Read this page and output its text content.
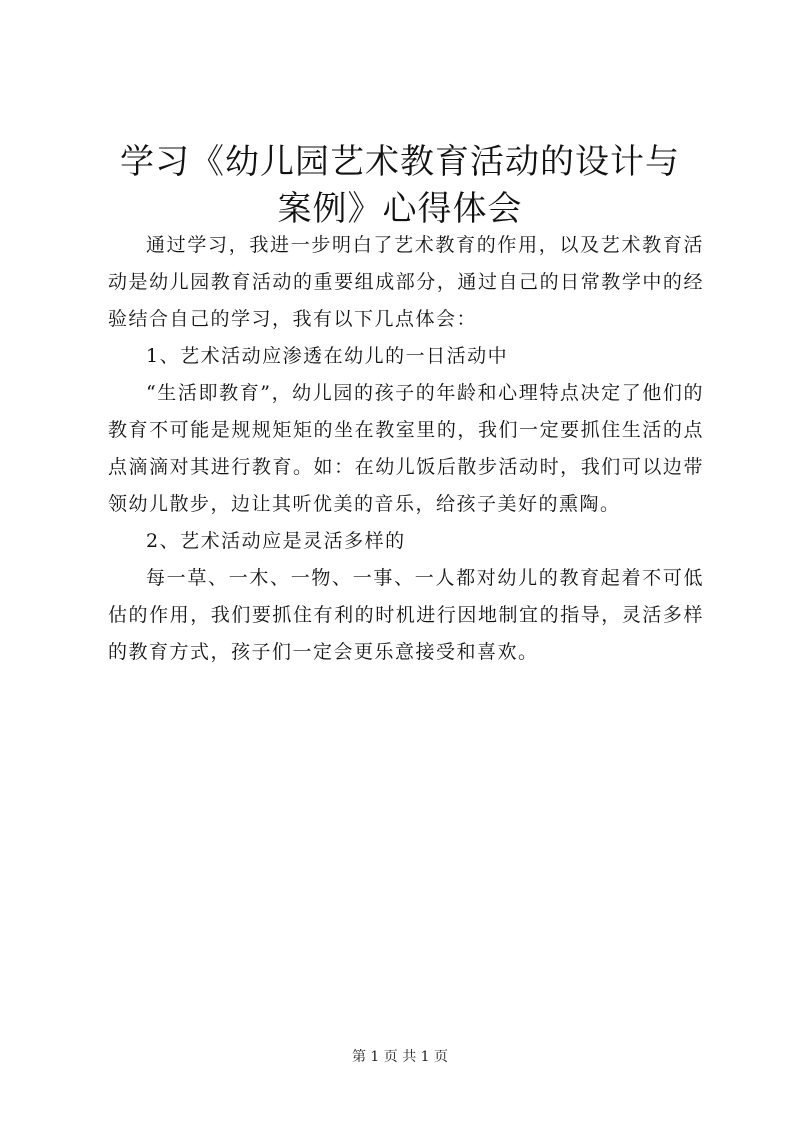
学习《幼儿园艺术教育活动的设计与案例》心得体会

通过学习，我进一步明白了艺术教育的作用，以及艺术教育活动是幼儿园教育活动的重要组成部分，通过自己的日常教学中的经验结合自己的学习，我有以下几点体会：

1、艺术活动应渗透在幼儿的一日活动中

“生活即教育”，幼儿园的孩子的年龄和心理特点决定了他们的教育不可能是规规矩矩的坐在教室里的，我们一定要抓住生活的点点滴滴对其进行教育。如：在幼儿饭后散步活动时，我们可以边带领幼儿散步，边让其听优美的音乐，给孩子美好的熏陶。

2、艺术活动应是灵活多样的

每一草、一木、一物、一事、一人都对幼儿的教育起着不可低估的作用，我们要抓住有利的时机进行因地制宜的指导，灵活多样的教育方式，孩子们一定会更乐意接受和喜欢。

第 1 页 共 1 页
